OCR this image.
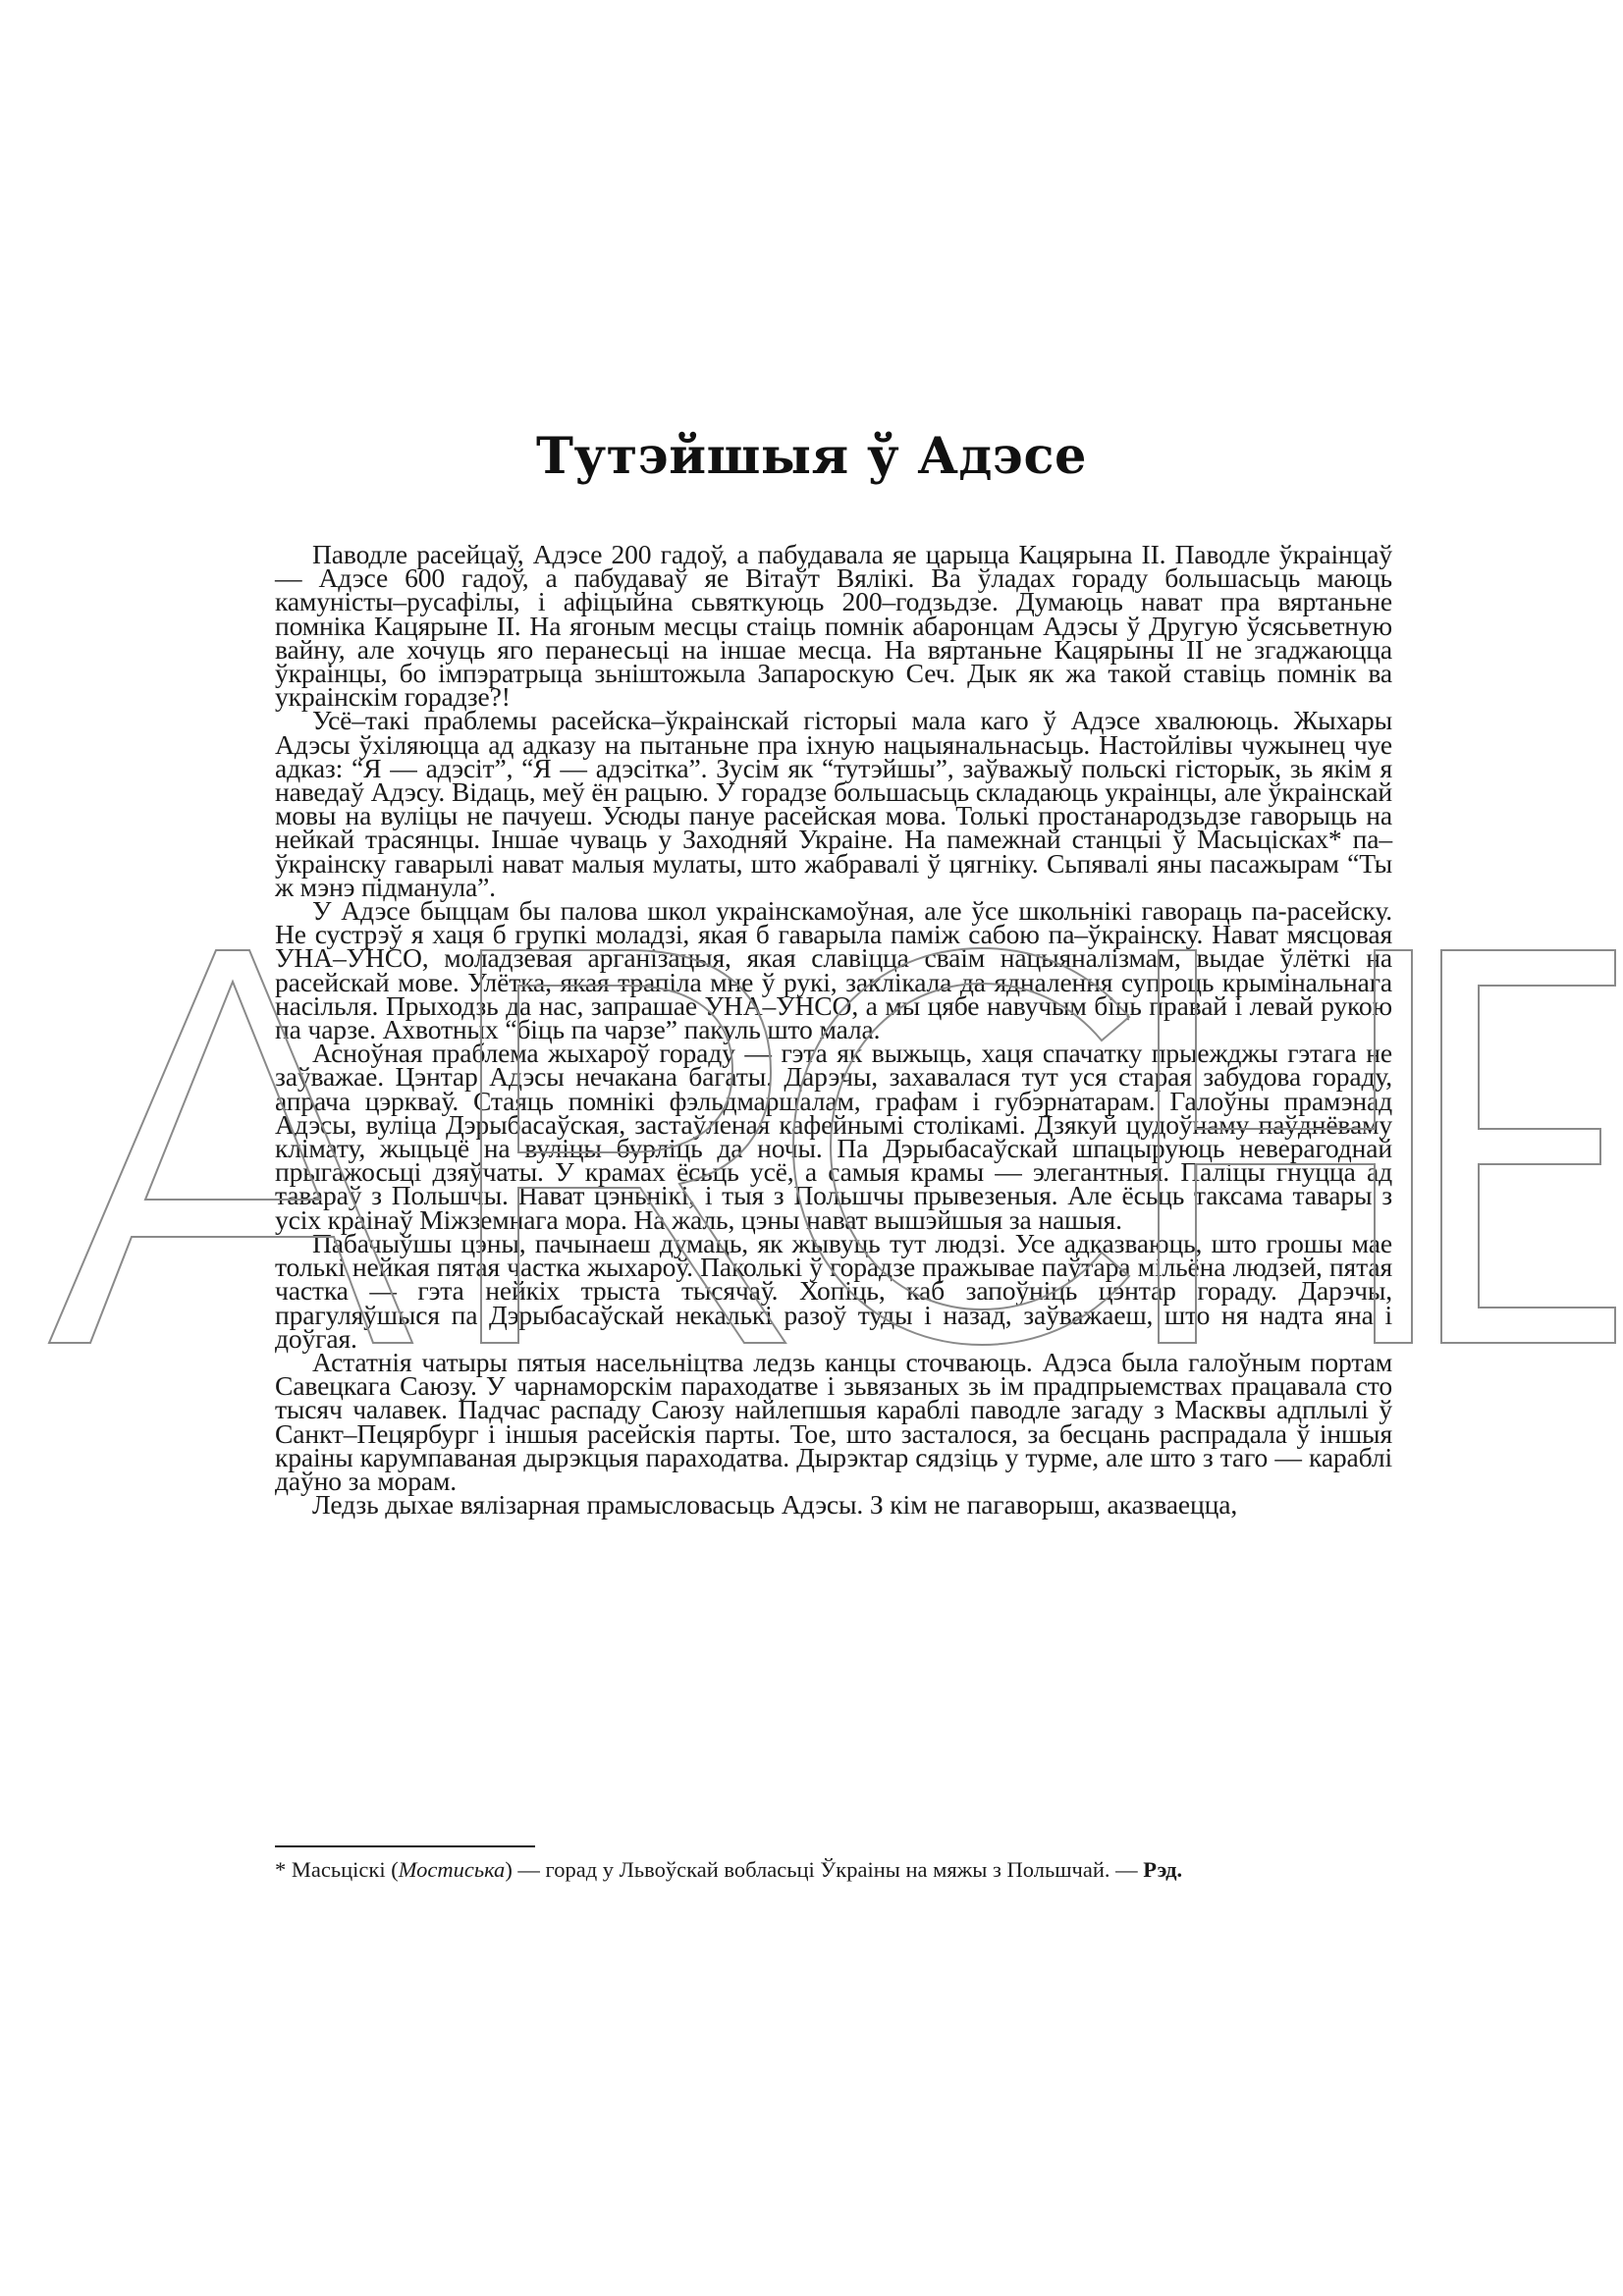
Тутэйшыя ў Адэсе

Паводле расейцаў, Адэсе 200 гадоў, а пабудавала яе царыца Кацярына II. Паводле ўкраінцаў — Адэсе 600 гадоў, а пабудаваў яе Вітаўт Вялікі. Ва ўладах гораду большасьць маюць камуністы–русафілы, і афіцыйна сьвяткуюць 200–годзьдзе. Думаюць нават пра вяртаньне помніка Кацярыне II. На ягоным месцы стаіць помнік абаронцам Адэсы ў Другую ўсясьветную вайну, але хочуць яго перанесьці на іншае месца. На вяртаньне Кацярыны II не згаджаюцца ўкраінцы, бо імпэратрыца зьніштожыла Запароскую Сеч. Дык як жа такой ставіць помнік ва украінскім горадзе?!

Усё–такі праблемы расейска–ўкраінскай гісторыі мала каго ў Адэсе хвалююць. Жыхары Адэсы ўхіляюцца ад адказу на пытаньне пра іхную нацыянальнасьць. Настойлівы чужынец чуе адказ: “Я — адэсіт”, “Я — адэсітка”. Зусім як “тутэйшы”, заўважыў польскі гісторык, зь якім я наведаў Адэсу. Відаць, меў ён рацыю. У горадзе большасьць складаюць украінцы, але ўкраінскай мовы на вуліцы не пачуеш. Усюды пануе расейская мова. Толькі простанародзьдзе гаворыць на нейкай трасянцы. Іншае чуваць у Заходняй Украіне. На памежнай станцыі ў Масьціскаx* па–ўкраінску гаварылі нават малыя мулаты, што жабравалі ў цягніку. Сьпявалі яны пасажырам “Ты ж мэнэ підманула”.

У Адэсе быццам бы палова школ украінскамоўная, але ўсе школьнікі гавораць па-расейску. Не сустрэў я хаця б групкі моладзі, якая б гаварыла паміж сабою па–ўкраінску. Нават мясцовая УНА–УНСО, моладзевая арганізацыя, якая славіцца сваім нацыяналізмам, выдае ўлёткі на расейскай мове. Улётка, якая трапіла мне ў рукі, заклікала да ядналення супроць крымінальнага насільля. Прыходзь да нас, запрашае УНА–УНСО, а мы цябе навучым біць правай і левай рукою па чарзе. Ахвотных “біць па чарзе” пакуль што мала.

Асноўная праблема жыхароў гораду — гэта як выжыць, хаця спачатку прыежджы гэтага не заўважае. Цэнтар Адэсы нечакана багаты. Дарэчы, захавалася тут уся старая забудова гораду, апрача цэркваў. Стаяць помнікі фэльдмаршалам, графам і губэрнатарам. Галоўны прамэнад Адэсы, вуліца Дэрыбасаўская, застаўленая кафейнымі столікамі. Дзякуй цудоўнаму паўднёваму клімату, жыцьцё на вуліцы бурліць да ночы. Па Дэрыбасаўскай шпацыруюць неверагоднай прыгажосьці дзяўчаты. У крамах ёсьць усё, а самыя крамы — элегантныя. Паліцы гнуцца ад тавараў з Польшчы. Нават цэньнікі, і тыя з Польшчы прывезеныя. Але ёсьць таксама тавары з усіх краінаў Міжземнага мора. На жаль, цэны нават вышэйшыя за нашыя.

Пабачыўшы цэны, пачынаеш думаць, як жывуць тут людзі. Усе адказваюць, што грошы мае толькі нейкая пятая частка жыхароў. Паколькі ў горадзе пражывае паўтара мільёна людзей, пятая частка — гэта нейкіх трыста тысячаў. Хопіць, каб запоўніць цэнтар гораду. Дарэчы, прагуляўшыся па Дэрыбасаўскай некалькі разоў туды і назад, заўважаеш, што ня надта яна і доўгая.

Астатнія чатыры пятыя насельніцтва ледзь канцы сточваюць. Адэса была галоўным портам Савецкага Саюзу. У чарнаморскім параходатве і зьвязаных зь ім прадпрыемствах працавала сто тысяч чалавек. Падчас распаду Саюзу найлепшыя караблі паводле загаду з Масквы адплылі ў Санкт–Пецярбург і іншыя расейскія парты. Тое, што засталося, за бесцань распрадала ў іншыя краіны карумпаваная дырэкцыя параходатва. Дырэктар сядзіць у турме, але што з таго — караблі даўно за морам.

Ледзь дыхае вялізарная прамысловасьць Адэсы. З кім не пагаворыш, аказваецца,

* Масьціскі (Мостиська) — горад у Львоўскай вобласьці Ўкраіны на мяжы з Польшчай. — Рэд.
